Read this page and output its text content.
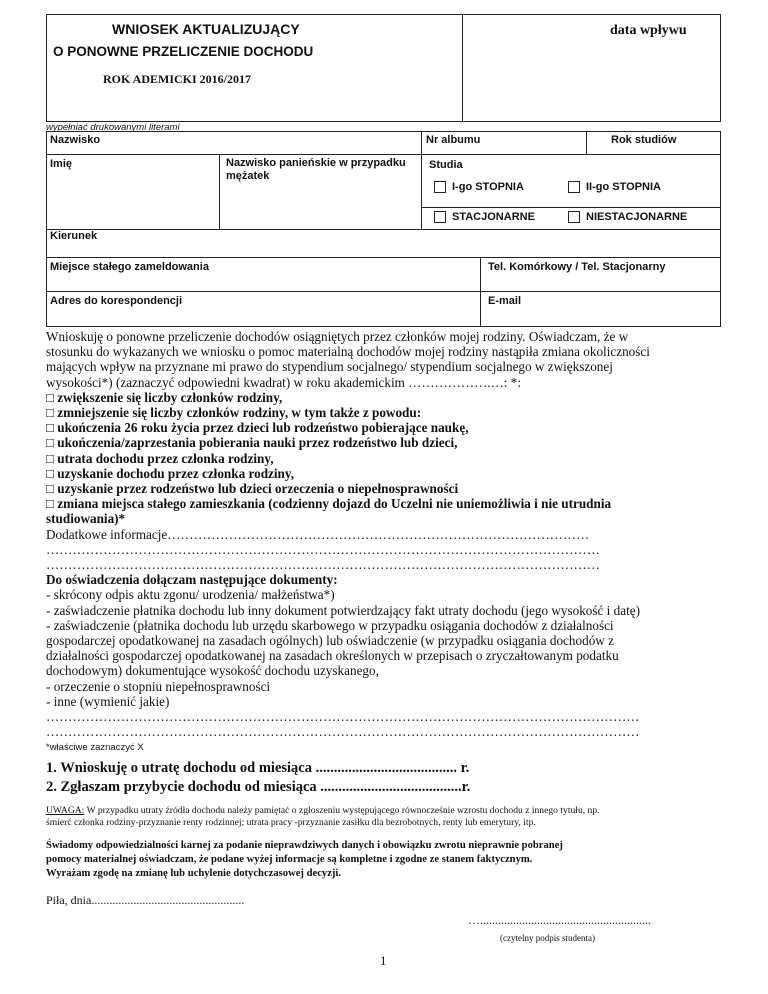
WNIOSEK AKTUALIZUJĄCY
O PONOWNE PRZELICZENIE DOCHODU
ROK ADEMICKI 2016/2017
data wpływu
wypełniać drukowanymi literami
Nazwisko	Nr albumu	Rok studiów
Imię	Nazwisko panieńskie w przypadku mężatek
Studia
I-go STOPNIA	II-go STOPNIA
STACJONARNE	NIESTACJONARNE
Kierunek
Miejsce stałego zameldowania	Tel. Komórkowy / Tel. Stacjonarny
Adres do korespondencji	E-mail
Wnioskuję o ponowne przeliczenie dochodów osiągniętych przez członków mojej rodziny. Oświadczam, że w
stosunku do wykazanych we wniosku o pomoc materialną dochodów mojej rodziny nastąpiła zmiana okoliczności
mających wpływ na przyznane mi prawo do stypendium socjalnego/ stypendium socjalnego w zwiększonej
wysokości*) (zaznaczyć odpowiedni kwadrat) w roku akademickim ……………….…: *:
□ zwiększenie się liczby członków rodziny,
□ zmniejszenie się liczby członków rodziny, w tym także z powodu:
□ ukończenia 26 roku życia przez dzieci lub rodzeństwo pobierające naukę,
□ ukończenia/zaprzestania pobierania nauki przez rodzeństwo lub dzieci,
□ utrata dochodu przez członka rodziny,
□ uzyskanie dochodu przez członka rodziny,
□ uzyskanie przez rodzeństwo lub dzieci orzeczenia o niepełnosprawności
□ zmiana miejsca stałego zamieszkania (codzienny dojazd do Uczelni nie uniemożliwia i nie utrudnia
studiowania)*
Dodatkowe informacje……………………………………………………………………………………
………………………………………………………………………………………………………………
………………………………………………………………………………………………………………
Do oświadczenia dołączam następujące dokumenty:
- skrócony odpis aktu zgonu/ urodzenia/ małżeństwa*)
- zaświadczenie płatnika dochodu lub inny dokument potwierdzający fakt utraty dochodu (jego wysokość i datę)
- zaświadczenie (płatnika dochodu lub urzędu skarbowego w przypadku osiągania dochodów z działalności
gospodarczej opodatkowanej na zasadach ogólnych) lub oświadczenie (w przypadku osiągania dochodów z
działalności gospodarczej opodatkowanej na zasadach określonych w przepisach o zryczałtowanym podatku
dochodowym) dokumentujące wysokość dochodu uzyskanego,
- orzeczenie o stopniu niepełnosprawności
- inne (wymienić jakie)
………………………………………………………………………………………………………………………
………………………………………………………………………………………………………………………
*właściwe zaznaczyć X
1. Wnioskuję o utratę dochodu od miesiąca ....................................... r.
2. Zgłaszam przybycie dochodu od miesiąca .......................................r.
UWAGA: W przypadku utraty źródła dochodu należy pamiętać o zgłoszeniu występującego równocześnie wzrostu dochodu z innego tytułu, np.
śmierć członka rodziny-przyznanie renty rodzinnej; utrata pracy -przyznanie zasiłku dla bezrobotnych, renty lub emerytury, itp.
Świadomy odpowiedzialności karnej za podanie nieprawdziwych danych i obowiązku zwrotu nieprawnie pobranej
pomocy materialnej oświadczam, że podane wyżej informacje są kompletne i zgodne ze stanem faktycznym.
Wyrażam zgodę na zmianę lub uchylenie dotychczasowej decyzji.
Piła, dnia...................................................
….........................................................
(czytelny podpis studenta)
1
